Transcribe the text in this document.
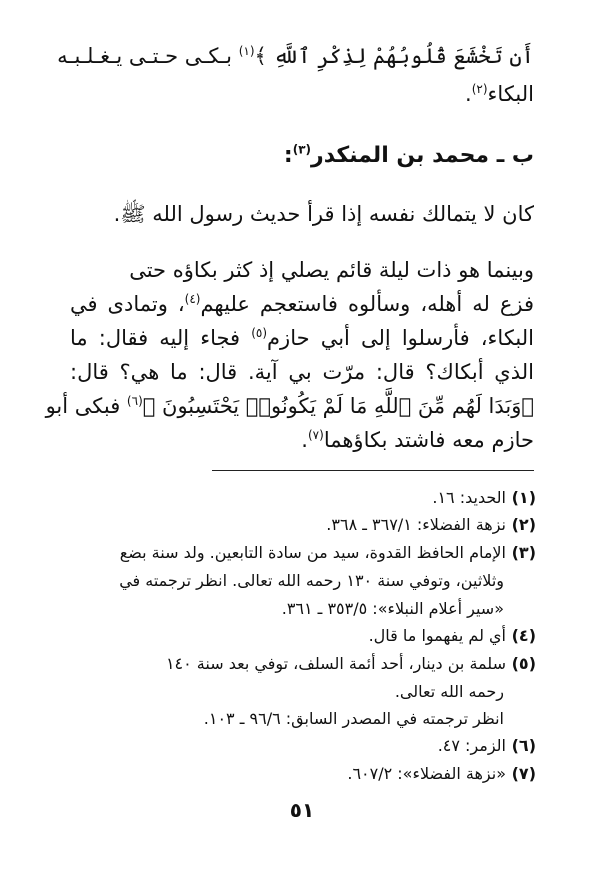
أَن تَخْشَعَ قُلُوبُهُمْ لِذِكْرِ ٱللَّهِ ﴾$^{(١)}$ بـكـى حـتـى يـغـلـبـه
البكاء$^{(٢)}$.
ب ـ محمد بن المنكدر$^{(٣)}$:
كان لا يتمالك نفسه إذا قرأ حديث رسول الله ﷺ.
وبينما هو ذات ليلة قائم يصلي إذ كثر بكاؤه حتى
فزع له أهله، وسألوه فاستعجم عليهم$^{(٤)}$، وتمادى في
البكاء، فأرسلوا إلى أبي حازم$^{(٥)}$ فجاء إليه فقال: ما
الذي أبكاك؟ قال: مرّت بي آية. قال: ما هي؟ قال:
﴿وَبَدَا لَهُم مِّنَ ٱللَّهِ مَا لَمْ يَكُونُوا۟ يَحْتَسِبُونَ ﴾$^{(٦)}$ فبكى أبو
حازم معه فاشتد بكاؤهما$^{(٧)}$.
(١)الحديد: ١٦.
(٢)نزهة الفضلاء: ٣٦٧/١ ـ ٣٦٨.
(٣)الإمام الحافظ القدوة، سيد من سادة التابعين. ولد سنة بضع
وثلاثين، وتوفي سنة ١٣٠ رحمه الله تعالى. انظر ترجمته في
«سير أعلام النبلاء»: ٣٥٣/٥ ـ ٣٦١.
(٤)أي لم يفهموا ما قال.
(٥)سلمة بن دينار، أحد أئمة السلف، توفي بعد سنة ١٤٠
رحمه الله تعالى.
انظر ترجمته في المصدر السابق: ٩٦/٦ ـ ١٠٣.
(٦)الزمر: ٤٧.
(٧)«نزهة الفضلاء»: ٦٠٧/٢.
٥١
